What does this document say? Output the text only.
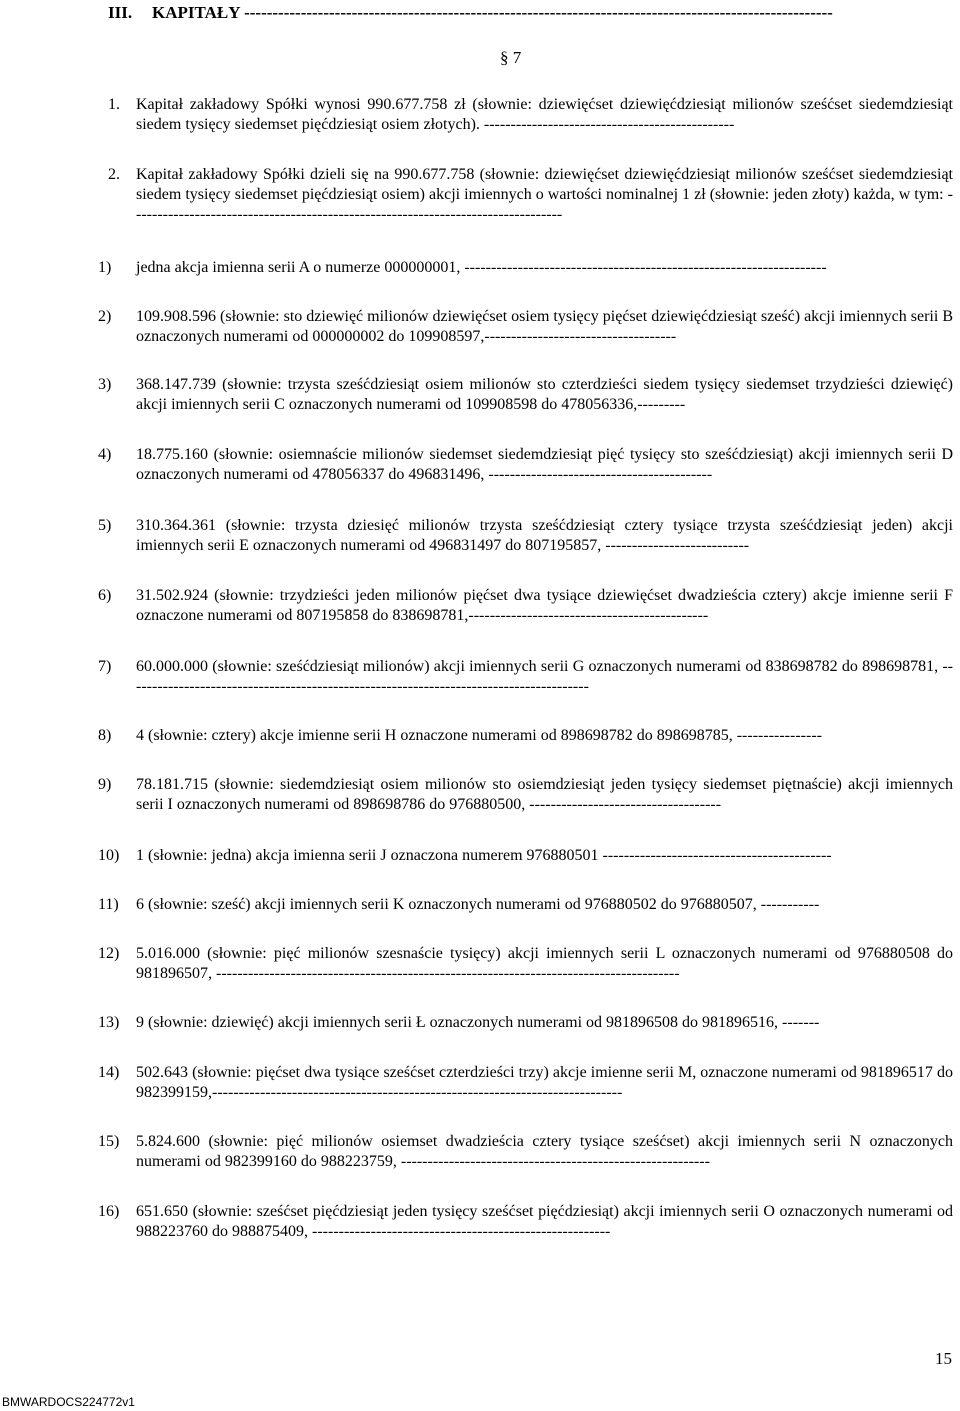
III. KAPITAŁY --------------------------------------------------------------------------------------------------------
§ 7
1.	Kapitał zakładowy Spółki wynosi 990.677.758 zł (słownie: dziewięćset dziewięćdziesiąt milionów sześćset siedemdziesiąt siedem tysięcy siedemset pięćdziesiąt osiem złotych). -----------------------------------------------
2.	Kapitał zakładowy Spółki dzieli się na 990.677.758 (słownie: dziewięćset dziewięćdziesiąt milionów sześćset siedemdziesiąt siedem tysięcy siedemset pięćdziesiąt osiem) akcji imiennych o wartości nominalnej 1 zł (słownie: jeden złoty) każda, w tym: ---------------------------------------------------------------------------------
1)	jedna akcja imienna serii A o numerze 000000001, --------------------------------------------------------------------
2)	109.908.596 (słownie: sto dziewięć milionów dziewięćset osiem tysięcy pięćset dziewięćdziesiąt sześć) akcji imiennych serii B oznaczonych numerami od 000000002 do 109908597,------------------------------------
3)	368.147.739 (słownie: trzysta sześćdziesiąt osiem milionów sto czterdzieści siedem tysięcy siedemset trzydzieści dziewięć) akcji imiennych serii C oznaczonych numerami od 109908598 do 478056336,---------
4)	18.775.160 (słownie: osiemnaście milionów siedemset siedemdziesiąt pięć tysięcy sto sześćdziesiąt) akcji imiennych serii D oznaczonych numerami od 478056337 do 496831496, ------------------------------------------
5)	310.364.361 (słownie: trzysta dziesięć milionów trzysta sześćdziesiąt cztery tysiące trzysta sześćdziesiąt jeden) akcji imiennych serii E oznaczonych numerami od 496831497 do 807195857, ---------------------------
6)	31.502.924 (słownie: trzydzieści jeden milionów pięćset dwa tysiące dziewięćset dwadzieścia cztery) akcje imienne serii F oznaczone numerami od 807195858 do 838698781,---------------------------------------------
7)	60.000.000 (słownie: sześćdziesiąt milionów) akcji imiennych serii G oznaczonych numerami od 838698782 do 898698781, ---------------------------------------------------------------------------------------
8)	4 (słownie: cztery) akcje imienne serii H oznaczone numerami od 898698782 do 898698785, ----------------
9)	78.181.715 (słownie: siedemdziesiąt osiem milionów sto osiemdziesiąt jeden tysięcy siedemset piętnaście) akcji imiennych serii I oznaczonych numerami od 898698786 do 976880500, ------------------------------------
10)	1 (słownie: jedna) akcja imienna serii J oznaczona numerem 976880501 -------------------------------------------
11)	6 (słownie: sześć) akcji imiennych serii K oznaczonych numerami od 976880502 do 976880507, -----------
12)	5.016.000 (słownie: pięć milionów szesnaście tysięcy) akcji imiennych serii L oznaczonych numerami od 976880508 do 981896507, ---------------------------------------------------------------------------------------
13)	9 (słownie: dziewięć) akcji imiennych serii Ł oznaczonych numerami od 981896508 do 981896516, -------
14)	502.643 (słownie: pięćset dwa tysiące sześćset czterdzieści trzy) akcje imienne serii M, oznaczone numerami od 981896517 do 982399159,-----------------------------------------------------------------------------
15)	5.824.600 (słownie: pięć milionów osiemset dwadzieścia cztery tysiące sześćset) akcji imiennych serii N oznaczonych numerami od 982399160 do 988223759, ----------------------------------------------------------
16)	651.650 (słownie: sześćset pięćdziesiąt jeden tysięcy sześćset pięćdziesiąt) akcji imiennych serii O oznaczonych numerami od 988223760 do 988875409, --------------------------------------------------------
15
BMWARDOCS224772v1
